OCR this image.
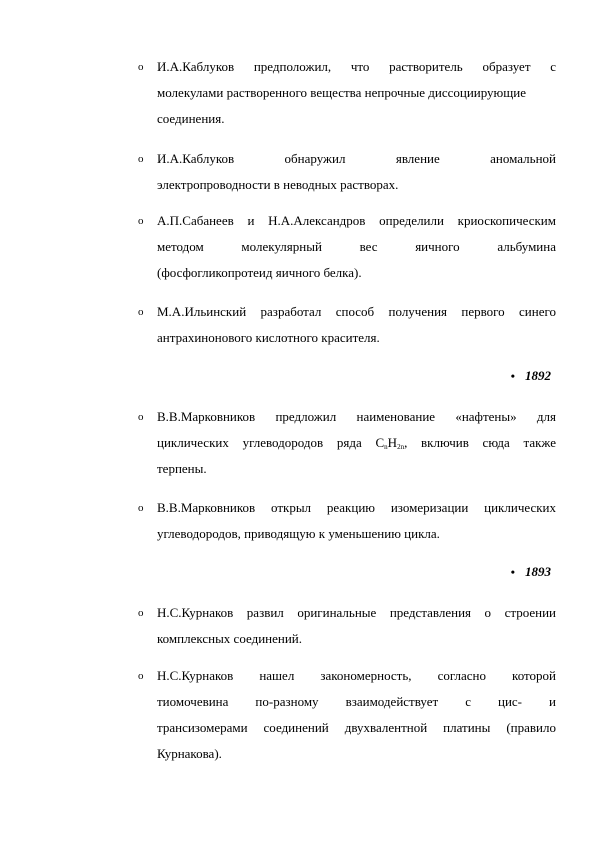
o	И.А.Каблуков предположил, что растворитель образует с
молекулами растворенного вещества непрочные диссоциирующие
соединения.
o	И.А.Каблуков обнаружил явление аномальной
электропроводности в неводных растворах.
o	А.П.Сабанеев и Н.А.Александров определили криоскопическим
методом молекулярный вес яичного альбумина
(фосфогликопротеид яичного белка).
o	М.А.Ильинский разработал способ получения первого синего
антрахинонового кислотного красителя.
• 1892
o	В.В.Марковников предложил наименование «нафтены» для
циклических углеводородов ряда $C_nH_{2n}$, включив сюда также
терпены.
o	В.В.Марковников открыл реакцию изомеризации циклических
углеводородов, приводящую к уменьшению цикла.
• 1893
o	Н.С.Курнаков развил оригинальные представления о строении
комплексных соединений.
o	Н.С.Курнаков нашел закономерность, согласно которой
тиомочевина по-разному взаимодействует с цис- и
трансизомерами соединений двухвалентной платины (правило
Курнакова).
